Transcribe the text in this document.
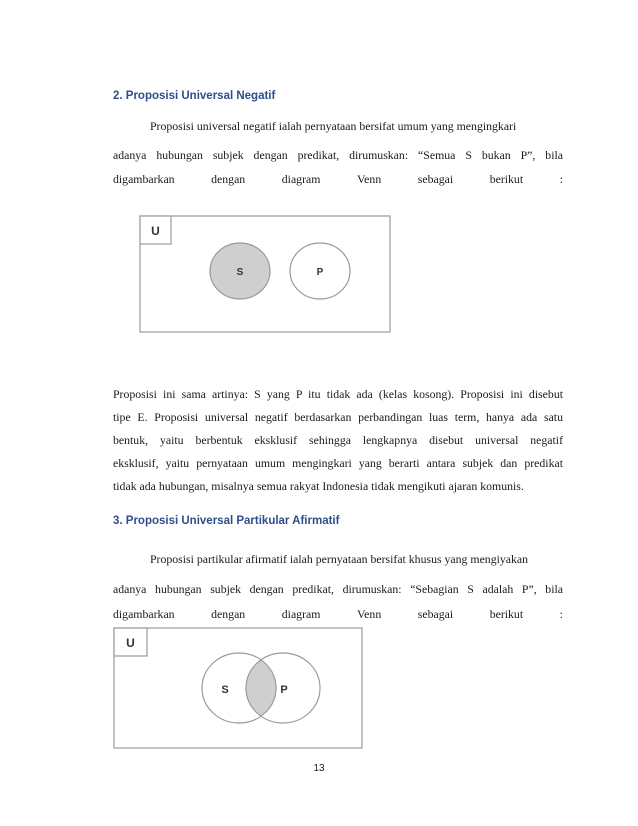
2. Proposisi Universal Negatif
Proposisi universal negatif ialah pernyataan bersifat umum yang mengingkari
adanya hubungan subjek dengan predikat, dirumuskan: “Semua S bukan P”, bila
digambarkan	dengan	diagram	Venn	sebagai	berikut	:
U
S	P
Proposisi ini sama artinya: S yang P itu tidak ada (kelas kosong). Proposisi ini disebut
tipe E. Proposisi universal negatif berdasarkan perbandingan luas term, hanya ada satu
bentuk, yaitu berbentuk eksklusif sehingga lengkapnya disebut universal negatif
eksklusif, yaitu pernyataan umum mengingkari yang berarti antara subjek dan predikat
tidak ada hubungan, misalnya semua rakyat Indonesia tidak mengikuti ajaran komunis.
3. Proposisi Universal Partikular Afirmatif
Proposisi partikular afirmatif ialah pernyataan bersifat khusus yang mengiyakan
adanya hubungan subjek dengan predikat, dirumuskan: “Sebagian S adalah P”, bila
digambarkan	dengan	diagram	Venn	sebagai	berikut	:
U
S	P
13
